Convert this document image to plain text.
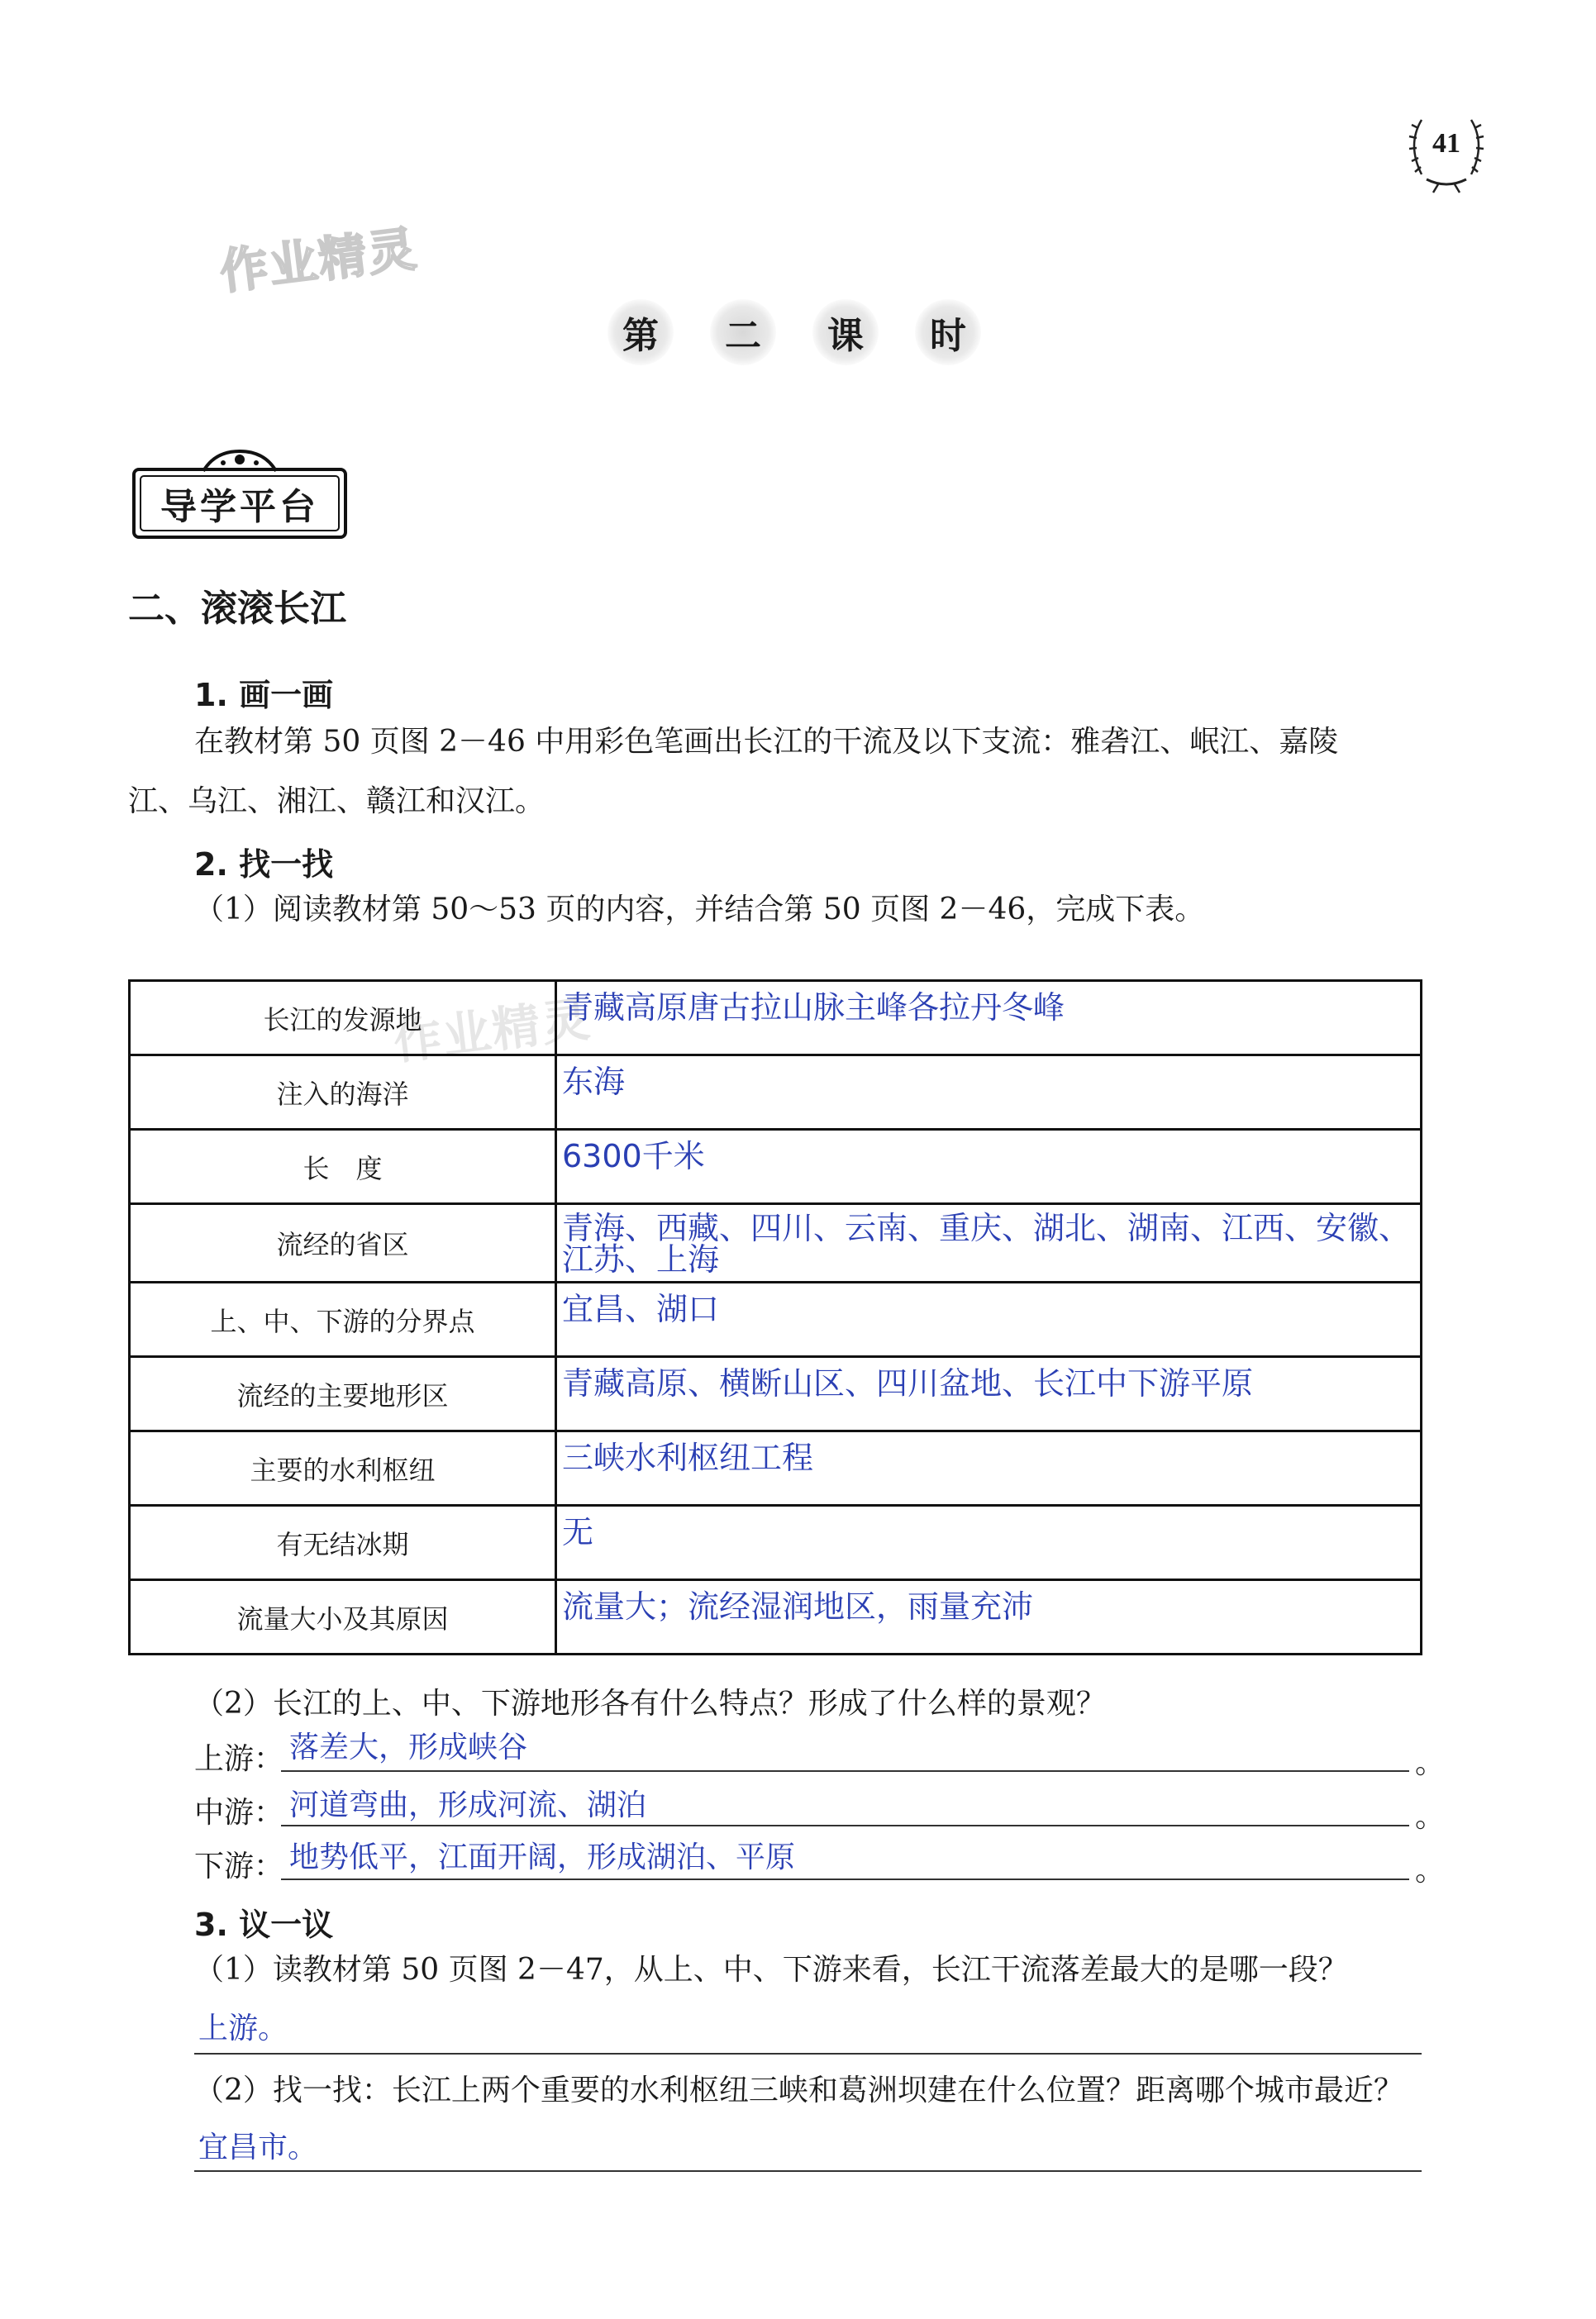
41
作业精灵
作业精灵
第	二	课	时
导学平台
二、滚滚长江
1. 画一画
在教材第 50 页图 2－46 中用彩色笔画出长江的干流及以下支流：雅砻江、岷江、嘉陵
江、乌江、湘江、赣江和汉江。
2. 找一找
（1）阅读教材第 50～53 页的内容，并结合第 50 页图 2－46，完成下表。
长江的发源地	青藏高原唐古拉山脉主峰各拉丹冬峰
注入的海洋	东海
长　度	6300千米
流经的省区	青海、西藏、四川、云南、重庆、湖北、湖南、江西、安徽、
江苏、上海

上、中、下游的分界点	宜昌、湖口
流经的主要地形区	青藏高原、横断山区、四川盆地、长江中下游平原
主要的水利枢纽	三峡水利枢纽工程
有无结冰期	无
流量大小及其原因	流量大；流经湿润地区，雨量充沛
（2）长江的上、中、下游地形各有什么特点？形成了什么样的景观？
上游： 落差大，形成峡谷	。
中游： 河道弯曲，形成河流、湖泊	。
下游： 地势低平，江面开阔，形成湖泊、平原	。
3. 议一议
（1）读教材第 50 页图 2－47，从上、中、下游来看，长江干流落差最大的是哪一段？
上游。
（2）找一找：长江上两个重要的水利枢纽三峡和葛洲坝建在什么位置？距离哪个城市最近？
宜昌市。
